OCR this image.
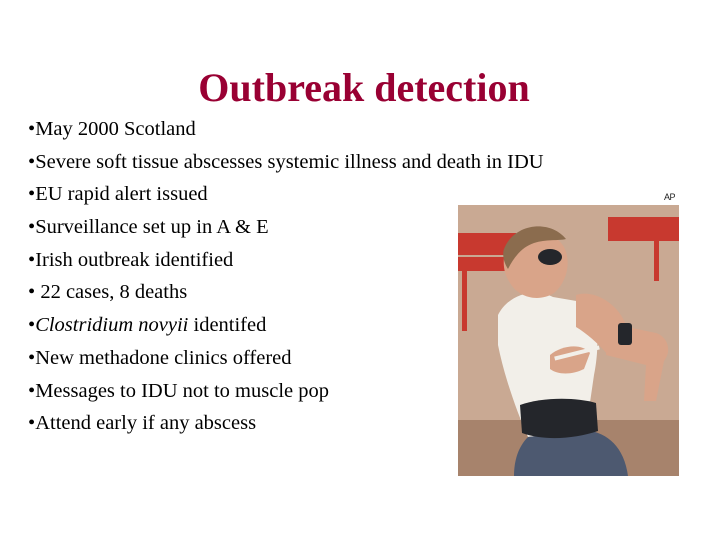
Outbreak detection
•May 2000 Scotland
•Severe soft tissue abscesses systemic illness and death in IDU
•EU rapid alert issued
•Surveillance set up in A & E
•Irish outbreak identified
• 22 cases, 8 deaths
•Clostridium novyii identifed
•New methadone clinics offered
•Messages to IDU not to muscle pop
•Attend early if any abscess
AP
